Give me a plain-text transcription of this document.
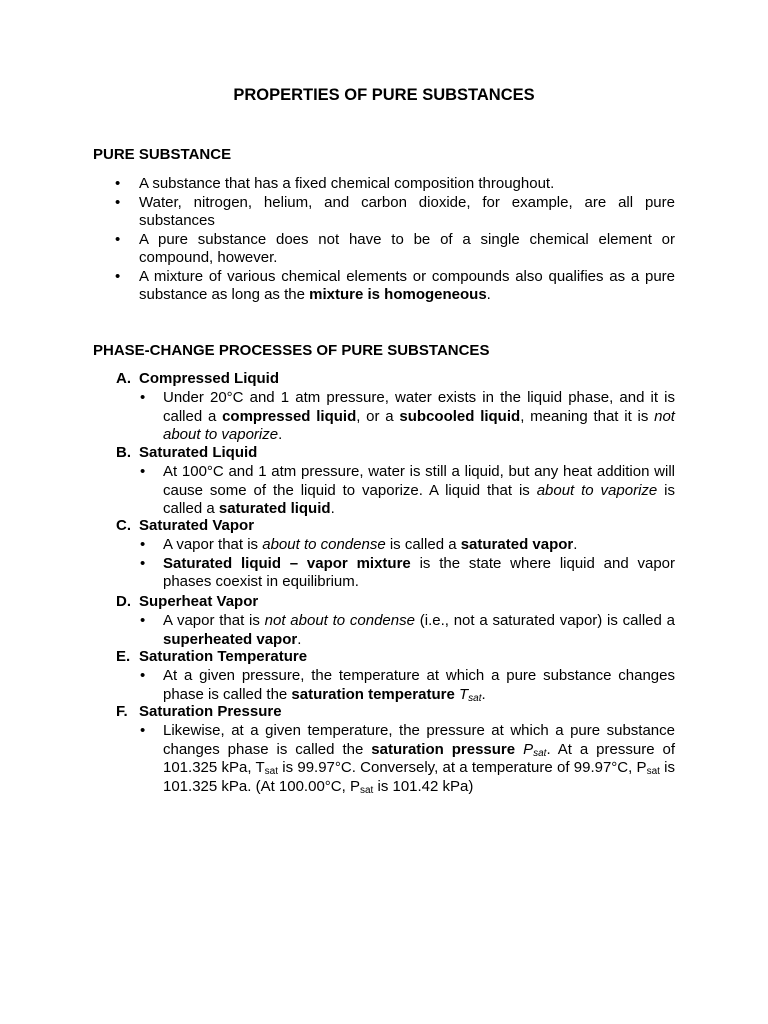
PROPERTIES OF PURE SUBSTANCES
PURE SUBSTANCE
• A substance that has a fixed chemical composition throughout.
• Water, nitrogen, helium, and carbon dioxide, for example, are all pure substances
• A pure substance does not have to be of a single chemical element or compound, however.
• A mixture of various chemical elements or compounds also qualifies as a pure substance as long as the mixture is homogeneous.
PHASE-CHANGE PROCESSES OF PURE SUBSTANCES
A. Compressed Liquid
• Under 20°C and 1 atm pressure, water exists in the liquid phase, and it is called a compressed liquid, or a subcooled liquid, meaning that it is not about to vaporize.
B. Saturated Liquid
• At 100°C and 1 atm pressure, water is still a liquid, but any heat addition will cause some of the liquid to vaporize. A liquid that is about to vaporize is called a saturated liquid.
C. Saturated Vapor
• A vapor that is about to condense is called a saturated vapor.
• Saturated liquid – vapor mixture is the state where liquid and vapor phases coexist in equilibrium.
D. Superheat Vapor
• A vapor that is not about to condense (i.e., not a saturated vapor) is called a superheated vapor.
E. Saturation Temperature
• At a given pressure, the temperature at which a pure substance changes phase is called the saturation temperature $T_{sat}$.
F. Saturation Pressure
• Likewise, at a given temperature, the pressure at which a pure substance changes phase is called the saturation pressure $P_{sat}$. At a pressure of 101.325 kPa, $T_{sat}$ is 99.97°C. Conversely, at a temperature of 99.97°C, $P_{sat}$ is 101.325 kPa. (At 100.00°C, $P_{sat}$ is 101.42 kPa)
